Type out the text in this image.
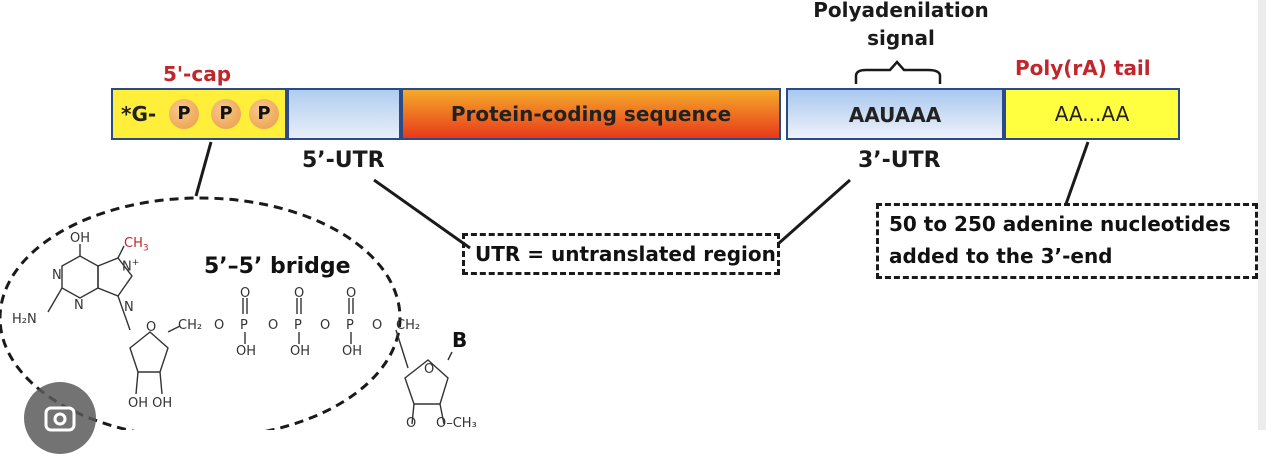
5'-cap
Polyadenilation
signal
Poly(rA) tail
*G-	P	P	P	Protein-coding sequence	AAUAAA	AA...AA
5’-UTR	3’-UTR
UTR = untranslated region
50 to 250 adenine nucleotides
added to the 3’-end
5’–5’ bridge
B
OH	$CH_3$
N+
H₂N
N
N	N
O CH₂ O P O P O P O CH₂
O	O	O
OH	OH OH
OH OH
O
O O–CH₃
